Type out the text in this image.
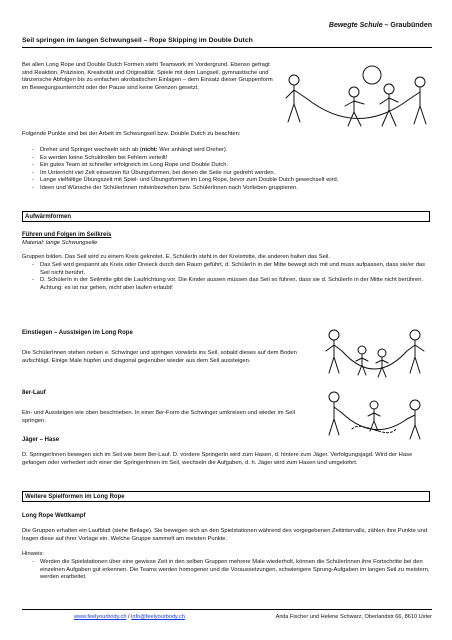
Bewegte Schule – Graubünden
Seil springen im langen Schwungseil – Rope Skipping im Double Dutch
Bei allen Long Rope und Double Dutch Formen steht Teamwork im Vordergrund. Ebenso gefragt sind Reaktion, Präzision, Kreativität und Originalität. Spiele mit dem Langseil, gymnastische und tänzerische Abfolgen bis zu einfachen akrobatischen Einlagen – dem Einsatz dieser Gruppenform im Bewegungsunterricht oder der Pause sind keine Grenzen gesetzt.
Folgende Punkte sind bei der Arbeit im Schwungseil bzw. Double Dutch zu beachten:
- Dreher und Springer wechseln sich ab (nicht: Wer anhängt wird Dreher).
- Es werden keine Schuldrollen bei Fehlern verteilt!
- Ein gutes Team ist schneller erfolgreich im Long Rope und Double Dutch.
- Im Unterricht viel Zeit einsetzen für Übungsformen, bei denen die Seile nur gedreht werden.
- Lange vielfältige Übungszeit mit Spiel- und Übungsformen im Long Rope, bevor zum Double Dutch gewechselt wird.
- Ideen und Wünsche der SchülerInnen miteinbeziehen bzw. SchülerInnen nach Vorlieben gruppieren.
Aufwärmformen
Führen und Folgen im Seilkreis
Material: lange Schwungseile
Gruppen bilden. Das Seil wird zu einem Kreis geknotet. E. SchülerIn steht in der Kreismitte, die anderen halten das Seil.
- Das Seil wird gespannt als Kreis oder Dreieck durch den Raum geführt, d. SchülerIn in der Mitte bewegt sich mit und muss aufpassen, dass sie/er das Seil nicht berührt.
- D. SchülerIn in der Seilmitte gibt die Laufrichtung vor. Die Kinder aussen müssen das Seil so führen, dass sie d. SchülerIn in der Mitte nicht berühren. Achtung: es ist nur gehen, nicht aber laufen erlaubt!
Einstiegen – Aussteigen im Long Rope
Die SchülerInnen stehen neben e. Schwinger und springen vorwärts ins Seil, sobald dieses auf dem Boden aufschlägt. Einige Male hüpfen und diagonal gegenüber wieder aus dem Seil aussteigen.
8er-Lauf
Ein- und Aussteigen wie oben beschrieben. In einer 8er-Form die Schwinger umkreisen und wieder im Seil springen.
Jäger – Hase
D. SpringerInnen bewegen sich im Seil wie beim 8er-Lauf. D. vordere SpringerIn wird zum Hasen, d. hintere zum Jäger. Verfolgungsjagd. Wird der Hase gefangen oder verhedert sich einer der SpringerInnen im Seil, wechseln die Aufgaben, d. h. Jäger wird zum Hasen und umgekehrt.
Weitere Spielformen im Long Rope
Long Rope Wettkampf
Die Gruppen erhalten ein Laufblatt (siehe Beilage). Sie bewegen sich an den Spielstationen während des vorgegebenen Zeitintervalls, zählen ihre Punkte und tragen diese auf ihrer Vorlage ein. Welche Gruppe sammelt am meisten Punkte.
Hinweis:
- Werden die Spielstationen über eine gewisse Zeit in den selben Gruppen mehrere Male wiederholt, können die SchülerInnen ihre Fortschritte bei den einzelnen Aufgaben gut erkennen. Die Teams werden homogener und die Voraussetzungen, schwierigere Sprung-Aufgaben im langen Seil zu meistern, werden erarbeitet.
www.feelyourbody.ch / info@feelyourbody.ch	Anita Fischer und Helene Schwarz, Oberlandstr 66, 8610 Uster
